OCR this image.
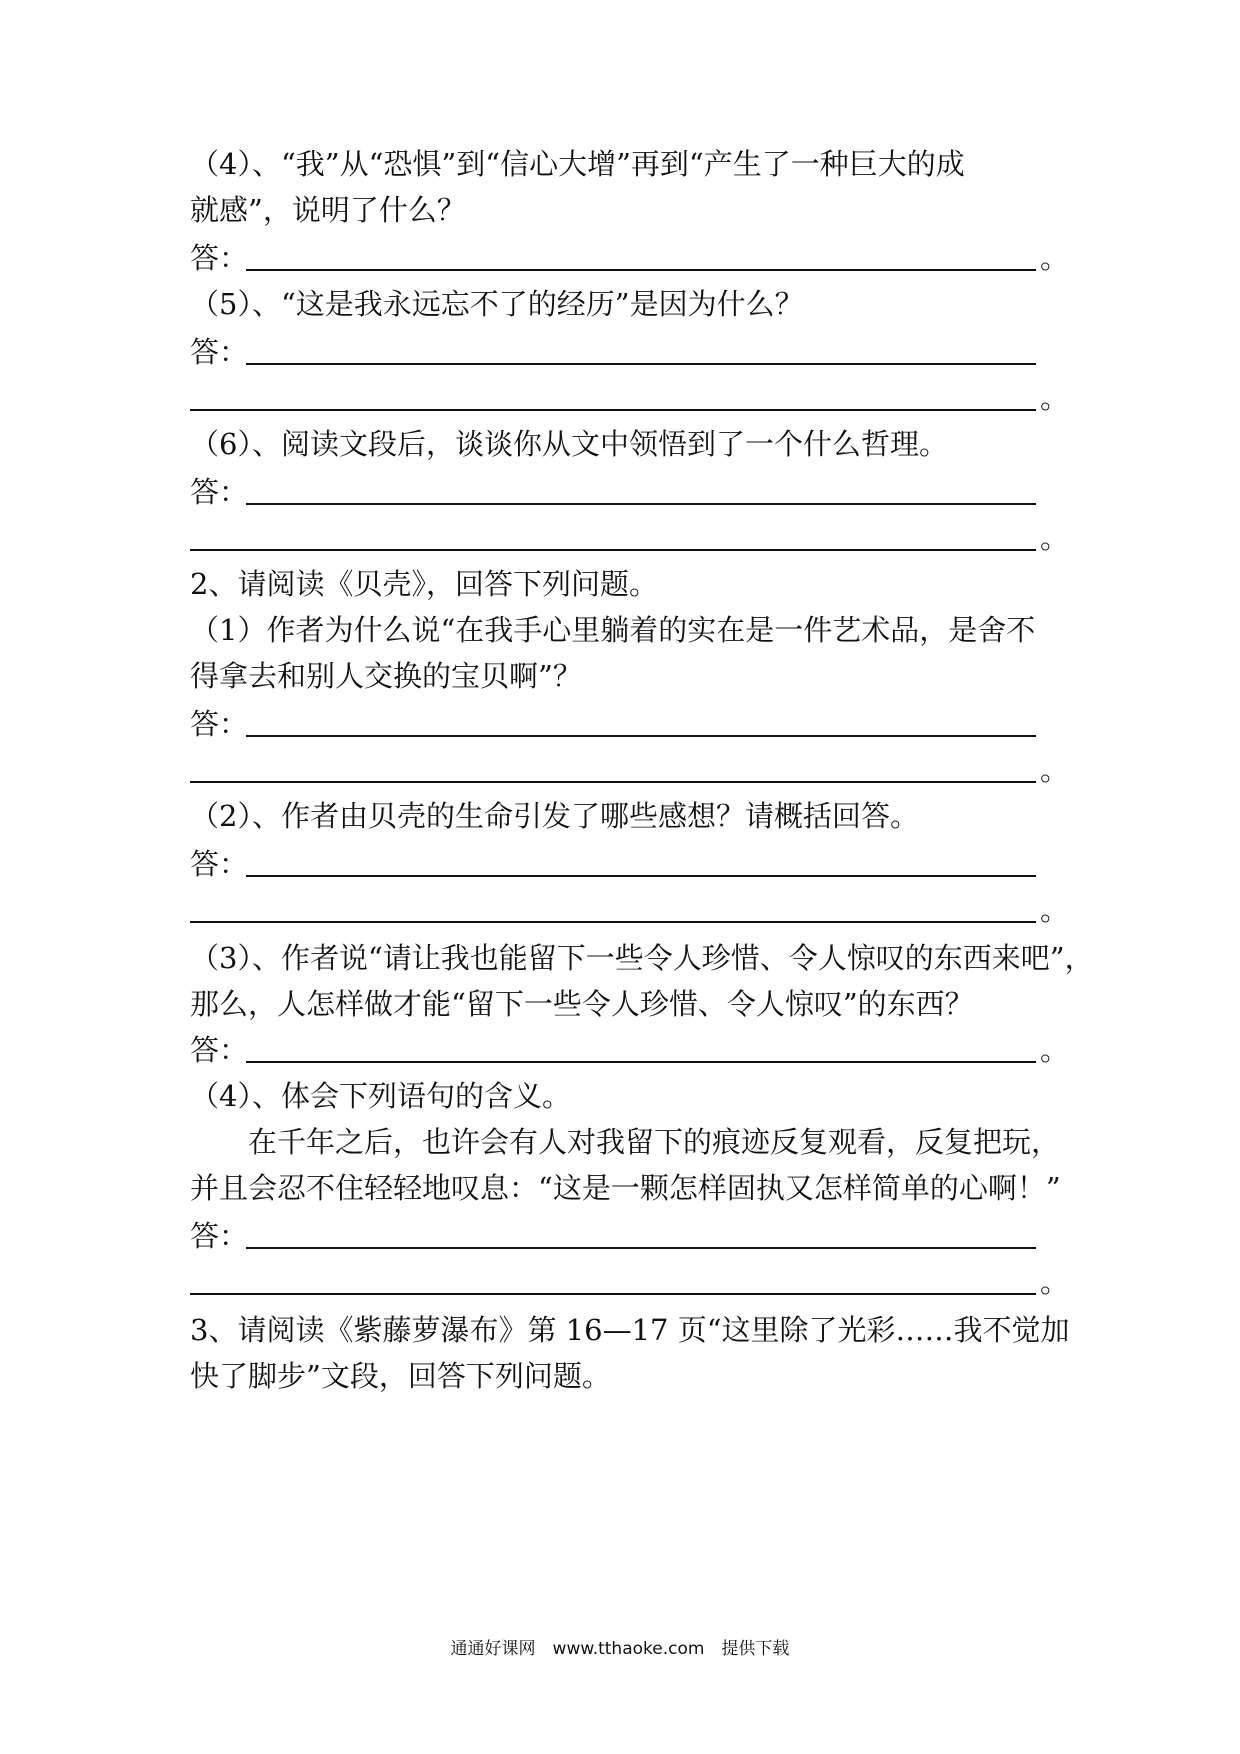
（4）、“我”从“恐惧”到“信心大增”再到“产生了一种巨大的成
就感”，说明了什么？
答：	。
（5）、“这是我永远忘不了的经历”是因为什么？
答：
。
（6）、阅读文段后，谈谈你从文中领悟到了一个什么哲理。
答：
。
2、请阅读《贝壳》，回答下列问题。
（1）作者为什么说“在我手心里躺着的实在是一件艺术品，是舍不
得拿去和别人交换的宝贝啊”？
答：
。
（2）、作者由贝壳的生命引发了哪些感想？请概括回答。
答：
。
（3）、作者说“请让我也能留下一些令人珍惜、令人惊叹的东西来吧”，
那么，人怎样做才能“留下一些令人珍惜、令人惊叹”的东西？
答：	。
（4）、体会下列语句的含义。
　　在千年之后，也许会有人对我留下的痕迹反复观看，反复把玩，
并且会忍不住轻轻地叹息：“这是一颗怎样固执又怎样简单的心啊！”
答：
。
3、请阅读《紫藤萝瀑布》第 16—17 页“这里除了光彩……我不觉加
快了脚步”文段，回答下列问题。
通通好课网　www.tthaoke.com　提供下载
